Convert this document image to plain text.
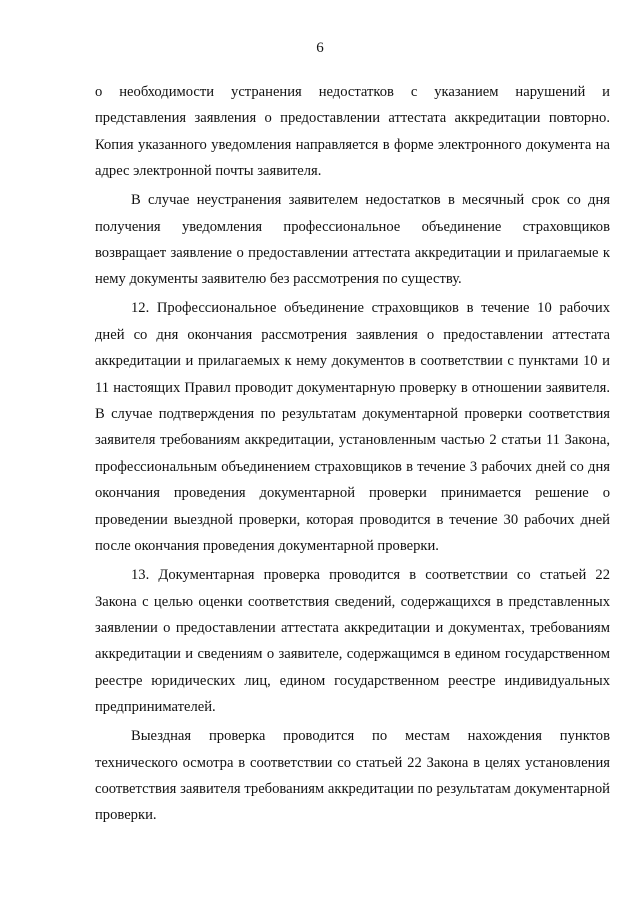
6

о необходимости устранения недостатков с указанием нарушений и представления заявления о предоставлении аттестата аккредитации повторно. Копия указанного уведомления направляется в форме электронного документа на адрес электронной почты заявителя.

В случае неустранения заявителем недостатков в месячный срок со дня получения уведомления профессиональное объединение страховщиков возвращает заявление о предоставлении аттестата аккредитации и прилагаемые к нему документы заявителю без рассмотрения по существу.

12. Профессиональное объединение страховщиков в течение 10 рабочих дней со дня окончания рассмотрения заявления о предоставлении аттестата аккредитации и прилагаемых к нему документов в соответствии с пунктами 10 и 11 настоящих Правил проводит документарную проверку в отношении заявителя. В случае подтверждения по результатам документарной проверки соответствия заявителя требованиям аккредитации, установленным частью 2 статьи 11 Закона, профессиональным объединением страховщиков в течение 3 рабочих дней со дня окончания проведения документарной проверки принимается решение о проведении выездной проверки, которая проводится в течение 30 рабочих дней после окончания проведения документарной проверки.

13. Документарная проверка проводится в соответствии со статьей 22 Закона с целью оценки соответствия сведений, содержащихся в представленных заявлении о предоставлении аттестата аккредитации и документах, требованиям аккредитации и сведениям о заявителе, содержащимся в едином государственном реестре юридических лиц, едином государственном реестре индивидуальных предпринимателей.

Выездная проверка проводится по местам нахождения пунктов технического осмотра в соответствии со статьей 22 Закона в целях установления соответствия заявителя требованиям аккредитации по результатам документарной проверки.
